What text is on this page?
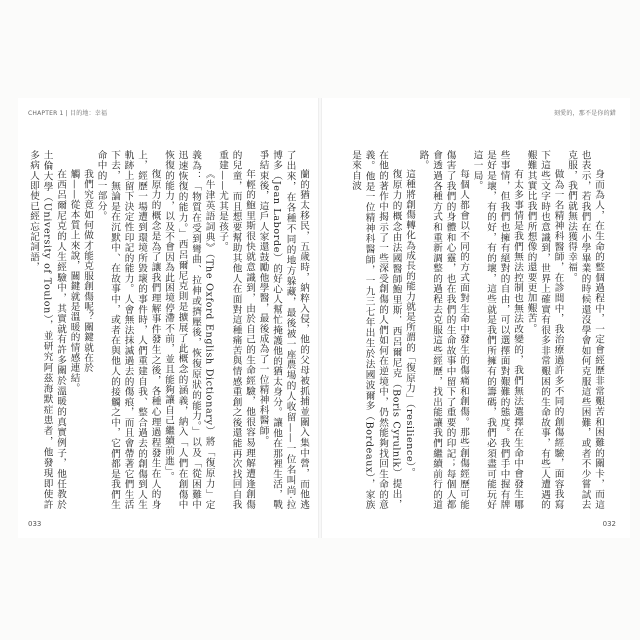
CHAPTER 1 | 目的地：幸福

蘭的猶太移民，五歲時，納粹入侵，他的父母被抓捕並關入集中營，而他逃了出來，在各種不同的地方躲藏，最後被一座農場的人收留——一位名叫尚‧拉博多（Jean Laborde）的好心人幫忙掩護他的猶太身分。讓他在那裡生活，戰爭結束後，這戶人家還鼓勵他學醫，最後成為了一位精神科醫師。

年輕的鮑里斯很快就意識到，由於自己的生命經驗，他很容易理解遭逢創傷的兒童，而且想要幫助其他人在面對這種痛苦與情感重創之後還能再次找回自我重建——尤其是孩子。

《牛津英語詞典》（The Oxford English Dictionary）將「復原力」定義為：「物質在受到彎曲、拉伸或擠壓後，恢復原狀的能力。」以及「從困難中迅速恢復的能力。」西呂爾尼克則是擴展了此概念的涵義，納入「人們在創傷中恢復的能力，以及不會因為此困境停滯不前，並且能夠讓自己繼續前進」。

復原力的概念是為了讓我們理解事件發生之後，各種心理過程發生在人的身上，經歷一場遭到環境所毀壞的事件時，人們重建自我、整合過去的創傷到人生軌跡上留下決定性印記的能力。人會無法抹滅過去的傷痕，而且會帶著它們生活下去，無論是在沉默中、在故事中，或者在與他人的接觸之中，它們都是我們生命中的一部分。

我們究竟如何做才能克服創傷呢？關鍵就在於

觸——從本質上來說，關鍵就是溫暖的情感連結。

在西呂爾尼克的人生經驗中，其實就有許多關於溫暖的真實例子，他任教於土倫大學（University of Toulon），並研究阿茲海默症患者，他發現即使許多病人即使已經忘記詞語，

033
刻愛的，那不是你的錯

身而為人，在生命的整個過程中，一定會經歷非常艱苦和困難的關卡，而這也表示，若我們在小學畢業的時候還沒學會如何克服這些困難，或者不少嘗試去克服，我們就無法獲得幸福。

做為一名精神科醫師，在診間中，我治療過許多不同的創傷經驗，面容我寫下這些文字時也意識到，世界上確實有很多非常艱困的生命故事，有些人遭遇的艱難其實比我們所想像的還要更加艱苦。

有太多事情是我們無法控制也無法改變的，我們無法選擇在生命中會發生哪些事情，但我們也擁有絕對的自由，可以選擇面對艱難的態度。我們手中握有牌是好是壞，有的好，有的壞，這些就是我們所擁有的籌碼，我們必須盡可能玩好這一局。

每個人都會以不同的方式面對生命中發生的傷痛和創傷。那些創傷經歷可能傷害了我們的身體和心靈，也在我們的生命故事中留下了重要的印記；每個人都會透過各種方式和重新調整的過程去克服這些經歷，找出能讓我們繼續前行的道路。

這種將創傷轉化為成長的能力就是所謂的「復原力」（resilience）。

復原力的概念由法國醫師鮑里斯．西呂爾尼克（Boris Cyrulnik）提出，在他的著作中揭示了一些深受創傷的人們如何在逆境中，仍然能夠找回生命的意義。他是一位精神科醫師，一九三七年出生於法國波爾多（Bordeaux），家族是來自波

032
